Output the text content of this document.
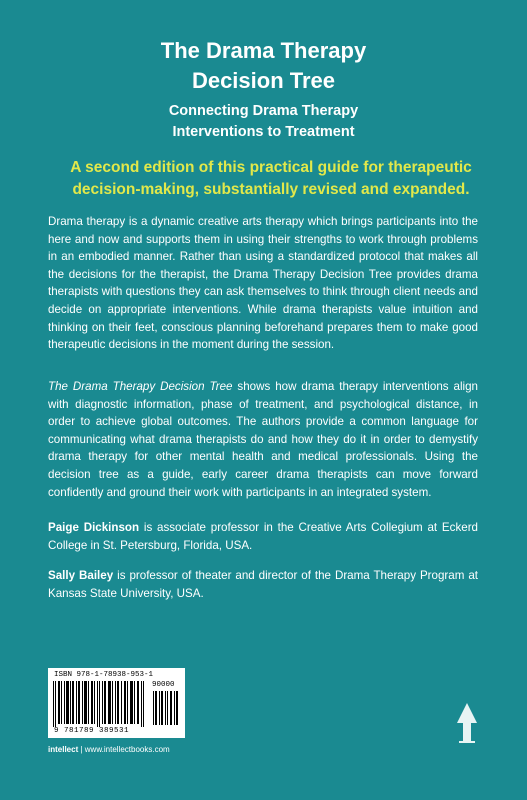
The Drama Therapy
Decision Tree
Connecting Drama Therapy
Interventions to Treatment
A second edition of this practical guide for therapeutic decision-making, substantially revised and expanded.
Drama therapy is a dynamic creative arts therapy which brings participants into the here and now and supports them in using their strengths to work through problems in an embodied manner. Rather than using a standardized protocol that makes all the decisions for the therapist, the Drama Therapy Decision Tree provides drama therapists with questions they can ask themselves to think through client needs and decide on appropriate interventions. While drama therapists value intuition and thinking on their feet, conscious planning beforehand prepares them to make good therapeutic decisions in the moment during the session.
The Drama Therapy Decision Tree shows how drama therapy interventions align with diagnostic information, phase of treatment, and psychological distance, in order to achieve global outcomes. The authors provide a common language for communicating what drama therapists do and how they do it in order to demystify drama therapy for other mental health and medical professionals. Using the decision tree as a guide, early career drama therapists can move forward confidently and ground their work with participants in an integrated system.
Paige Dickinson is associate professor in the Creative Arts Collegium at Eckerd College in St. Petersburg, Florida, USA.
Sally Bailey is professor of theater and director of the Drama Therapy Program at Kansas State University, USA.
ISBN 978-1-78938-953-1
90000
9 781789 389531
intellect | www.intellectbooks.com
